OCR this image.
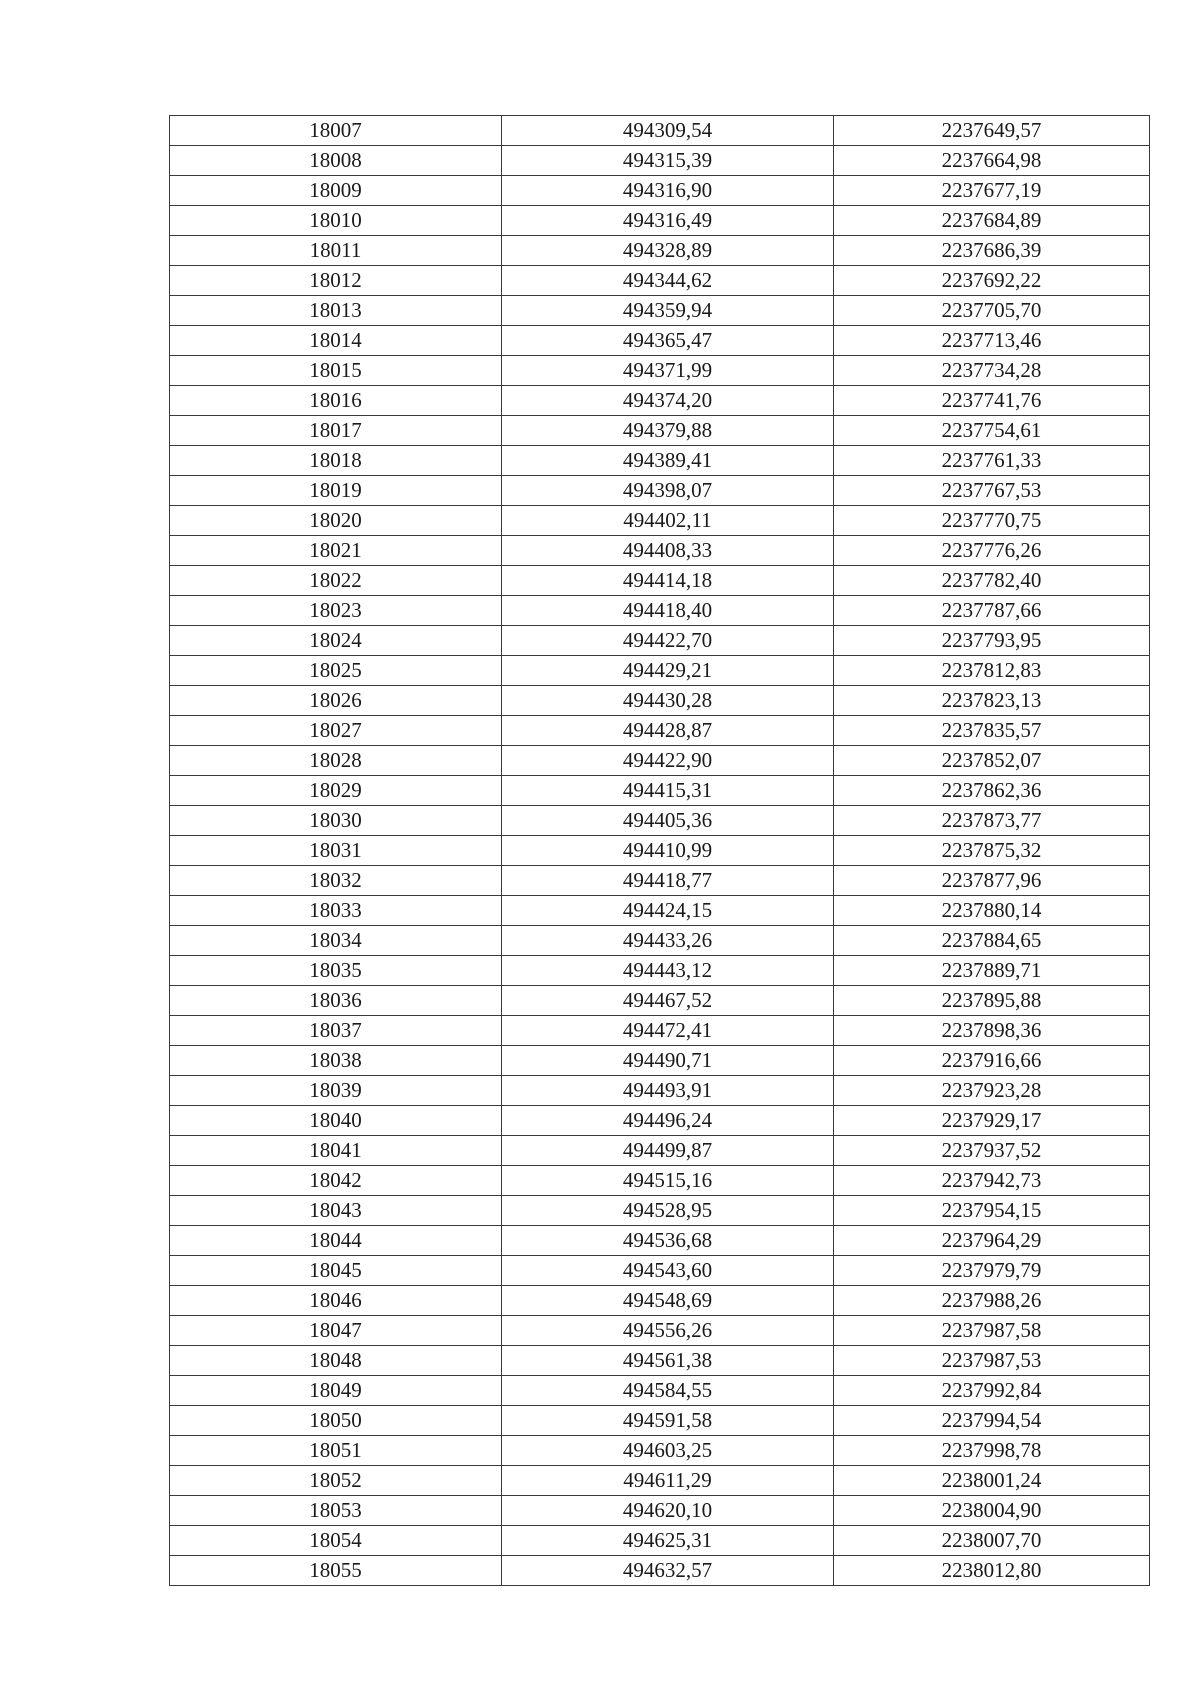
18007	494309,54	2237649,57
18008	494315,39	2237664,98
18009	494316,90	2237677,19
18010	494316,49	2237684,89
18011	494328,89	2237686,39
18012	494344,62	2237692,22
18013	494359,94	2237705,70
18014	494365,47	2237713,46
18015	494371,99	2237734,28
18016	494374,20	2237741,76
18017	494379,88	2237754,61
18018	494389,41	2237761,33
18019	494398,07	2237767,53
18020	494402,11	2237770,75
18021	494408,33	2237776,26
18022	494414,18	2237782,40
18023	494418,40	2237787,66
18024	494422,70	2237793,95
18025	494429,21	2237812,83
18026	494430,28	2237823,13
18027	494428,87	2237835,57
18028	494422,90	2237852,07
18029	494415,31	2237862,36
18030	494405,36	2237873,77
18031	494410,99	2237875,32
18032	494418,77	2237877,96
18033	494424,15	2237880,14
18034	494433,26	2237884,65
18035	494443,12	2237889,71
18036	494467,52	2237895,88
18037	494472,41	2237898,36
18038	494490,71	2237916,66
18039	494493,91	2237923,28
18040	494496,24	2237929,17
18041	494499,87	2237937,52
18042	494515,16	2237942,73
18043	494528,95	2237954,15
18044	494536,68	2237964,29
18045	494543,60	2237979,79
18046	494548,69	2237988,26
18047	494556,26	2237987,58
18048	494561,38	2237987,53
18049	494584,55	2237992,84
18050	494591,58	2237994,54
18051	494603,25	2237998,78
18052	494611,29	2238001,24
18053	494620,10	2238004,90
18054	494625,31	2238007,70
18055	494632,57	2238012,80
